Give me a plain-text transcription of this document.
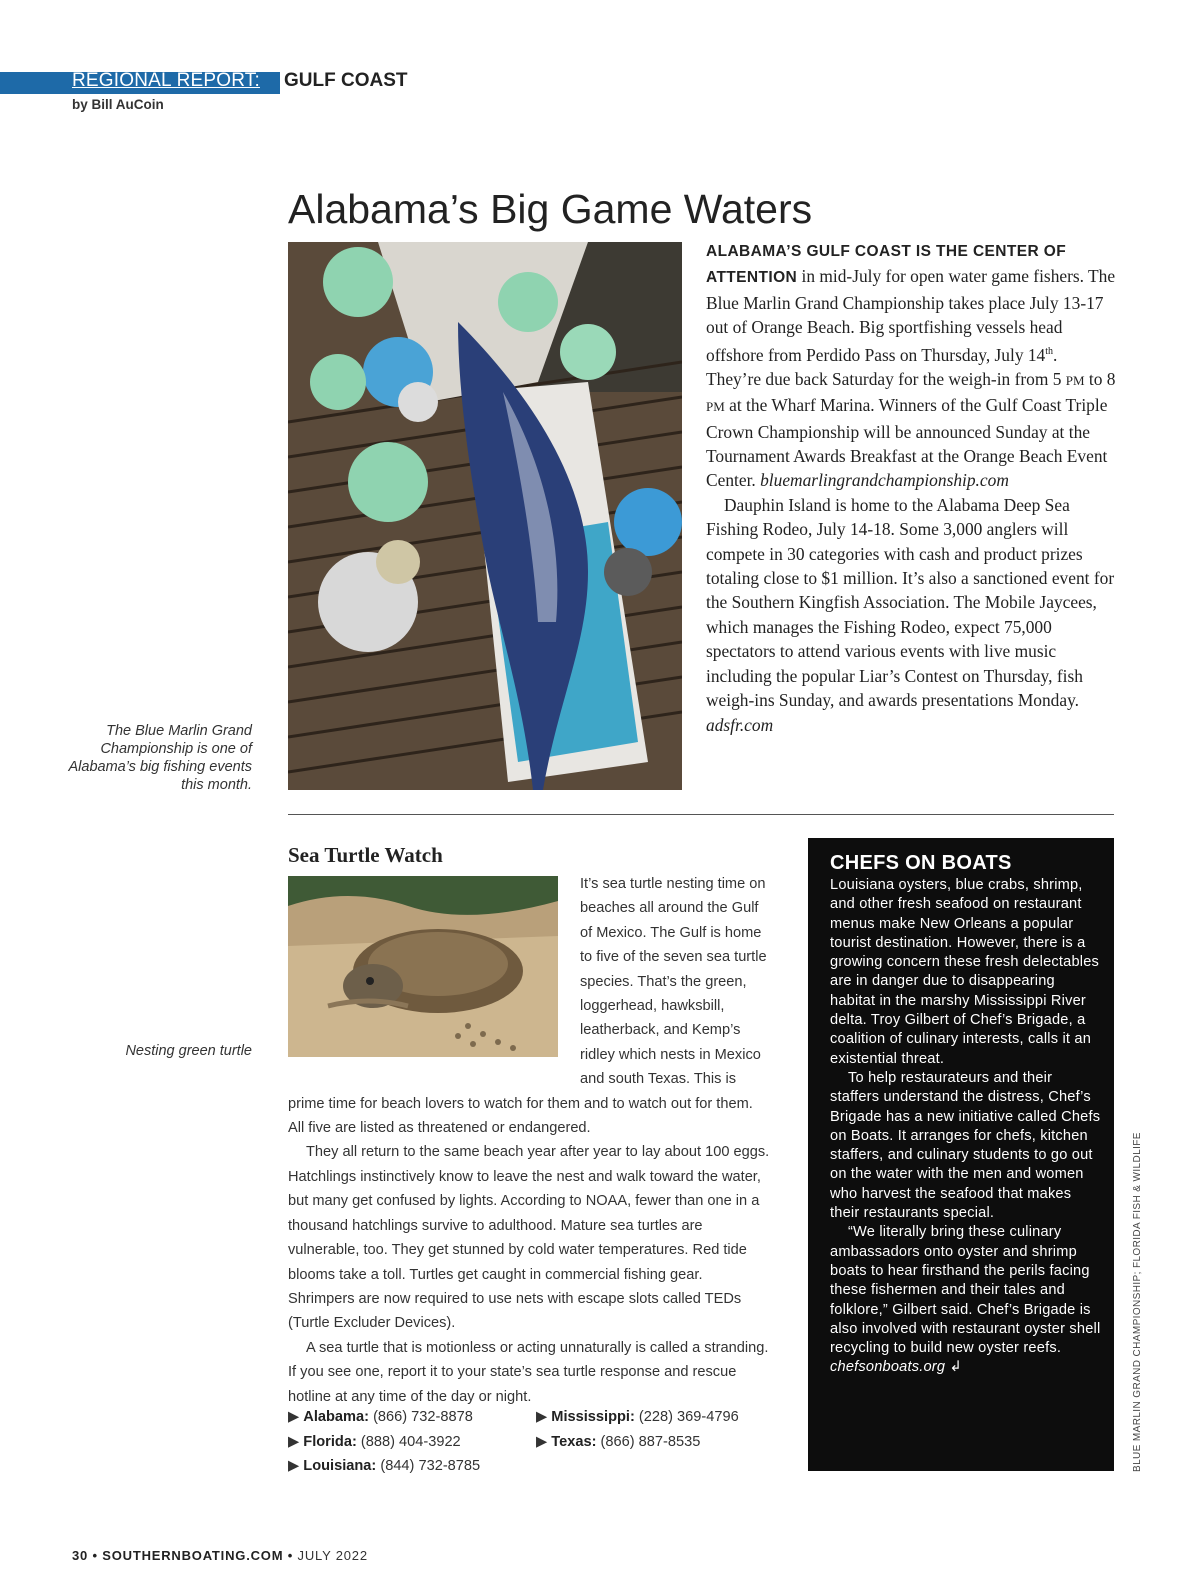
REGIONAL REPORT: GULF COAST
by Bill AuCoin
Alabama’s Big Game Waters

ALABAMA’S GULF COAST IS THE CENTER OF ATTENTION in mid-July for open water game fishers. The Blue Marlin Grand Championship takes place July 13-17 out of Orange Beach. Big sportfishing vessels head offshore from Perdido Pass on Thursday, July 14th. They’re due back Saturday for the weigh-in from 5 PM to 8 PM at the Wharf Marina. Winners of the Gulf Coast Triple Crown Championship will be announced Sunday at the Tournament Awards Breakfast at the Orange Beach Event Center. bluemarlingrandchampionship.com

Dauphin Island is home to the Alabama Deep Sea Fishing Rodeo, July 14-18. Some 3,000 anglers will compete in 30 categories with cash and product prizes totaling close to $1 million. It’s also a sanctioned event for the Southern Kingfish Association. The Mobile Jaycees, which manages the Fishing Rodeo, expect 75,000 spectators to attend various events with live music including the popular Liar’s Contest on Thursday, fish weigh-ins Sunday, and awards presentations Monday. adsfr.com

The Blue Marlin Grand Championship is one of Alabama’s big fishing events this month.
Sea Turtle Watch

It’s sea turtle nesting time on beaches all around the Gulf of Mexico. The Gulf is home to five of the seven sea turtle species. That’s the green, loggerhead, hawksbill, leatherback, and Kemp’s ridley which nests in Mexico and south Texas. This is prime time for beach lovers to watch for them and to watch out for them. All five are listed as threatened or endangered.

They all return to the same beach year after year to lay about 100 eggs. Hatchlings instinctively know to leave the nest and walk toward the water, but many get confused by lights. According to NOAA, fewer than one in a thousand hatchlings survive to adulthood. Mature sea turtles are vulnerable, too. They get stunned by cold water temperatures. Red tide blooms take a toll. Turtles get caught in commercial fishing gear. Shrimpers are now required to use nets with escape slots called TEDs (Turtle Excluder Devices).

A sea turtle that is motionless or acting unnaturally is called a stranding. If you see one, report it to your state’s sea turtle response and rescue hotline at any time of the day or night.

Nesting green turtle
▶ Alabama: (866) 732-8878	▶ Mississippi: (228) 369-4796
▶ Florida: (888) 404-3922	▶ Texas: (866) 887-8535
▶ Louisiana: (844) 732-8785
CHEFS ON BOATS

Louisiana oysters, blue crabs, shrimp, and other fresh seafood on restaurant menus make New Orleans a popular tourist destination. However, there is a growing concern these fresh delectables are in danger due to disappearing habitat in the marshy Mississippi River delta. Troy Gilbert of Chef’s Brigade, a coalition of culinary interests, calls it an existential threat.

To help restaurateurs and their staffers understand the distress, Chef’s Brigade has a new initiative called Chefs on Boats. It arranges for chefs, kitchen staffers, and culinary students to go out on the water with the men and women who harvest the seafood that makes their restaurants special.

“We literally bring these culinary ambassadors onto oyster and shrimp boats to hear firsthand the perils facing these fishermen and their tales and folklore,” Gilbert said. Chef’s Brigade is also involved with restaurant oyster shell recycling to build new oyster reefs. chefsonboats.org ↲	BLUE MARLIN GRAND CHAMPIONSHIP; FLORIDA FISH & WILDLIFE
30 • SOUTHERNBOATING.COM • JULY 2022
